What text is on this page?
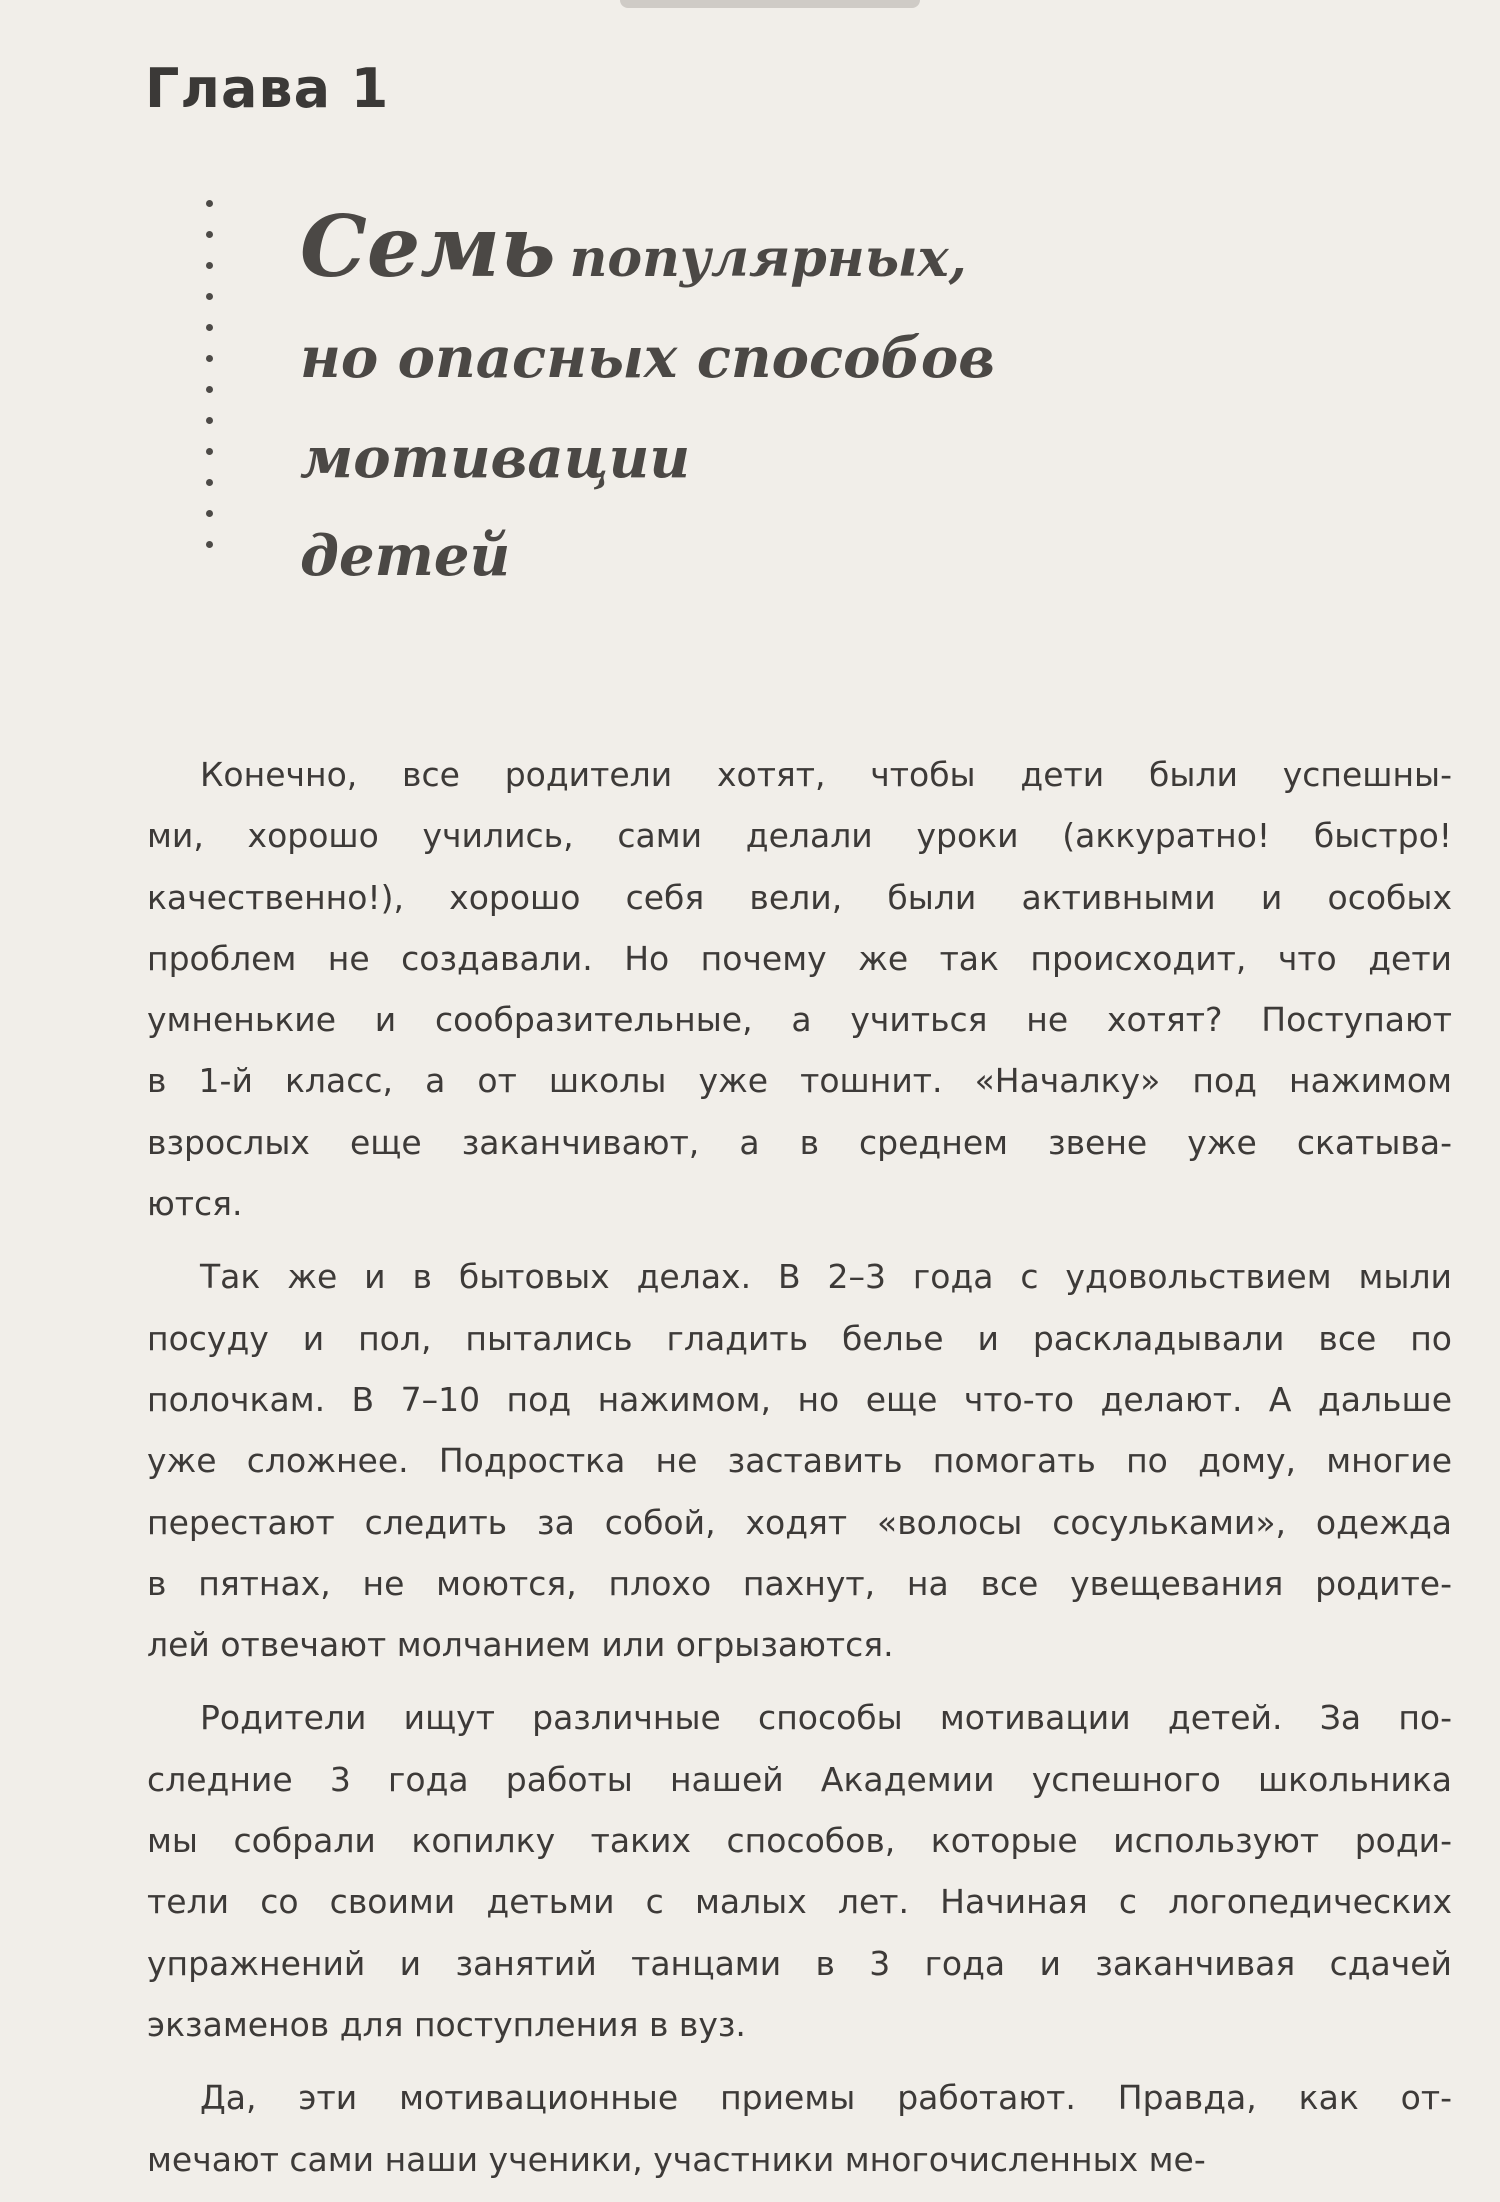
Глава 1
Семь популярных,
но опасных способов
мотивации
детей

Конечно, все родители хотят, чтобы дети были успешны-
ми, хорошо учились, сами делали уроки (аккуратно! быстро!
качественно!), хорошо себя вели, были активными и особых
проблем не создавали. Но почему же так происходит, что дети
умненькие и сообразительные, а учиться не хотят? Поступают
в 1-й класс, а от школы уже тошнит. «Началку» под нажимом
взрослых еще заканчивают, а в среднем звене уже скатыва-
ются.

Так же и в бытовых делах. В 2–3 года с удовольствием мыли
посуду и пол, пытались гладить белье и раскладывали все по
полочкам. В 7–10 под нажимом, но еще что-то делают. А дальше
уже сложнее. Подростка не заставить помогать по дому, многие
перестают следить за собой, ходят «волосы сосульками», одежда
в пятнах, не моются, плохо пахнут, на все увещевания родите-
лей отвечают молчанием или огрызаются.

Родители ищут различные способы мотивации детей. За по-
следние 3 года работы нашей Академии успешного школьника
мы собрали копилку таких способов, которые используют роди-
тели со своими детьми с малых лет. Начиная с логопедических
упражнений и занятий танцами в 3 года и заканчивая сдачей
экзаменов для поступления в вуз.

Да, эти мотивационные приемы работают. Правда, как от-
мечают сами наши ученики, участники многочисленных ме-
